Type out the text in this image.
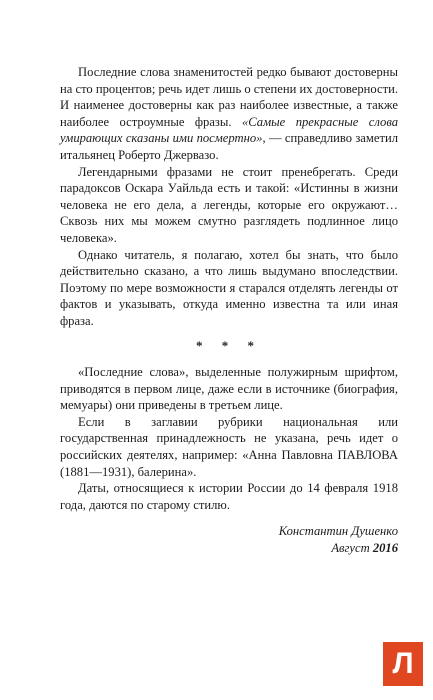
Последние слова знаменитостей редко бывают достоверны на сто процентов; речь идет лишь о степени их достоверности. И наименее достоверны как раз наиболее известные, а также наиболее остроумные фразы. «Самые прекрасные слова умирающих сказаны ими посмертно», — справедливо заметил итальянец Роберто Джервазо.

Легендарными фразами не стоит пренебрегать. Среди парадоксов Оскара Уайльда есть и такой: «Истинны в жизни человека не его дела, а легенды, которые его окружают… Сквозь них мы можем смутно разглядеть подлинное лицо человека».

Однако читатель, я полагаю, хотел бы знать, что было действительно сказано, а что лишь выдумано впоследствии. Поэтому по мере возможности я старался отделять легенды от фактов и указывать, откуда именно известна та или иная фраза.

* * *

«Последние слова», выделенные полужирным шрифтом, приводятся в первом лице, даже если в источнике (биография, мемуары) они приведены в третьем лице.

Если в заглавии рубрики национальная или государственная принадлежность не указана, речь идет о российских деятелях, например: «Анна Павловна ПАВЛОВА (1881—1931), балерина».

Даты, относящиеся к истории России до 14 февраля 1918 года, даются по старому стилю.

Константин Душенко
Август 2016
Л
